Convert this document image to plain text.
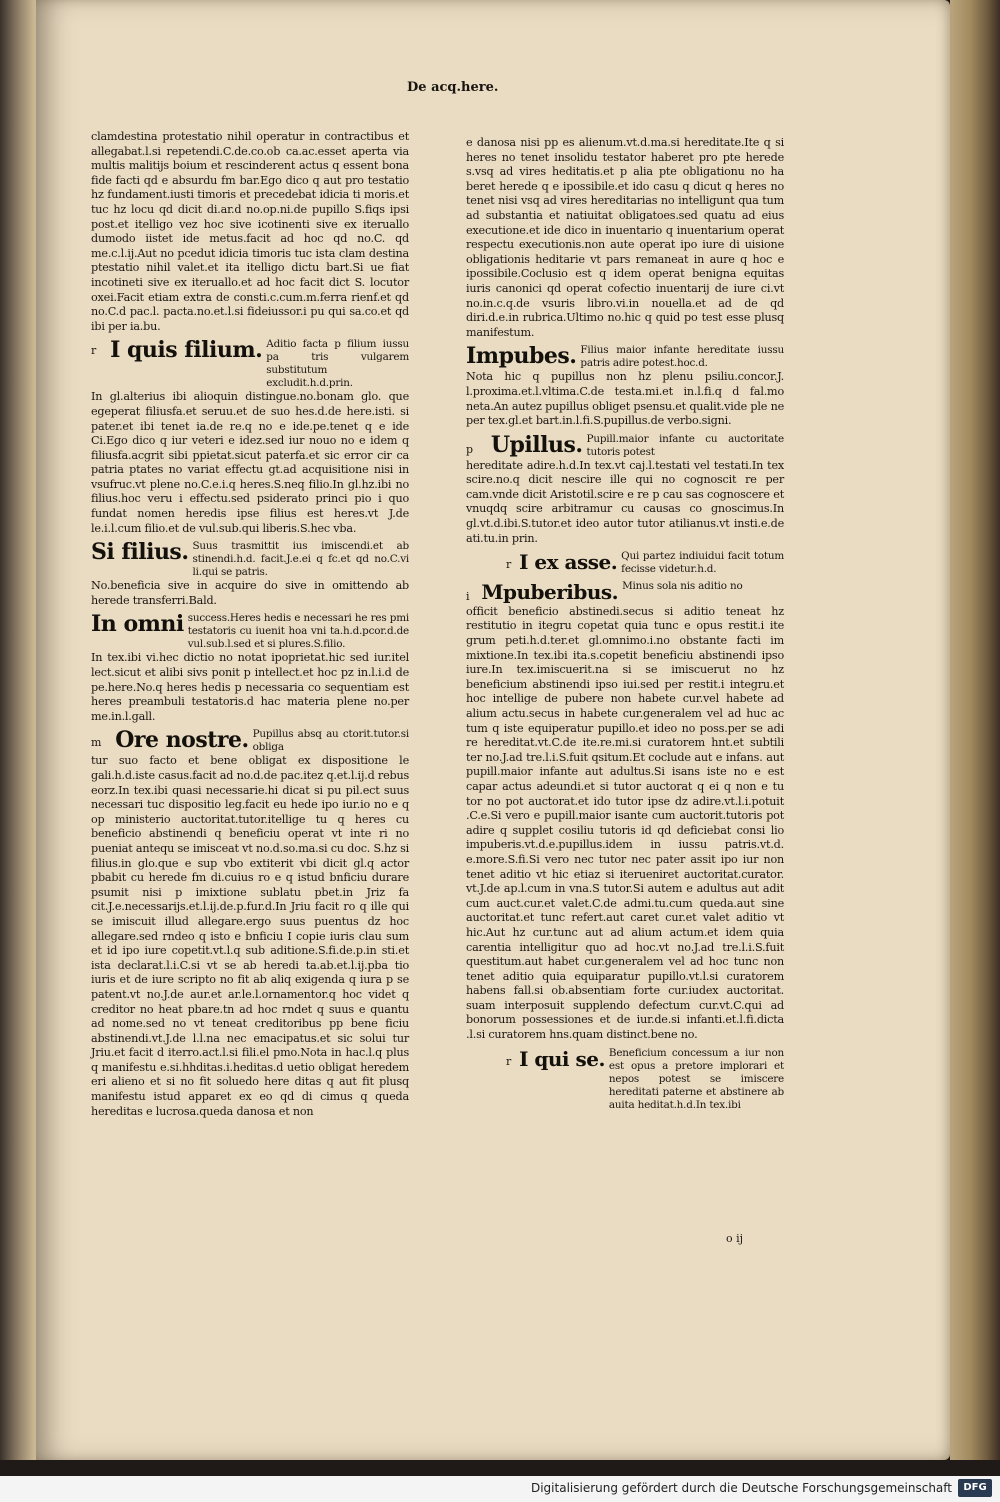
De acq.here.

clamdestina protestatio nihil operatur in contractibus et allegabat.l.si repetendi.C.de.co.ob ca.ac.esset aperta via multis malitijs boium et rescinderent actus q essent bona fide facti qd e absurdu fm bar.Ego dico q aut pro testatio hz fundament.iusti timoris et precedebat idicia ti moris.et tuc hz locu qd dicit di.ar.d no.op.ni.de pupillo S.fiqs ipsi post.et itelligo vez hoc sive icotinenti sive ex iteruallo dumodo iistet ide metus.facit ad hoc qd no.C. qd me.c.l.ij.Aut no pcedut idicia timoris tuc ista clam destina ptestatio nihil valet.et ita itelligo dictu bart.Si ue fiat incotineti sive ex iteruallo.et ad hoc facit dict S. locutor oxei.Facit etiam extra de consti.c.cum.m.ferra rienf.et qd no.C.d pac.l. pacta.no.et.l.si fideiussor.i pu qui sa.co.et qd ibi per ia.bu.

r I quis filium. Aditio facta p filium iussu pa tris vulgarem substitutum excludit.h.d.prin.

In gl.alterius ibi alioquin distingue.no.bonam glo. que egeperat filiusfa.et seruu.et de suo hes.d.de here.isti. si pater.et ibi tenet ia.de re.q no e ide.pe.tenet q e ide Ci.Ego dico q iur veteri e idez.sed iur nouo no e idem q filiusfa.acgrit sibi ppietat.sicut paterfa.et sic error cir ca patria ptates no variat effectu gt.ad acquisitione nisi in vsufruc.vt plene no.C.e.i.q heres.S.neq filio.In gl.hz.ibi no filius.hoc veru i effectu.sed psiderato princi pio i quo fundat nomen heredis ipse filius est heres.vt J.de le.i.l.cum filio.et de vul.sub.qui liberis.S.hec vba.

Si filius. Suus trasmittit ius imiscendi.et ab stinendi.h.d. facit.J.e.ei q fc.et qd no.C.vi li.qui se patris.

No.beneficia sive in acquire do sive in omittendo ab herede transferri.Bald.

In omni success.Heres hedis e necessari he res pmi testatoris cu iuenit hoa vni ta.h.d.pcor.d.de vul.sub.l.sed et si plures.S.filio.

In tex.ibi vi.hec dictio no notat ipoprietat.hic sed iur.itel lect.sicut et alibi sivs ponit p intellect.et hoc pz in.l.i.d de pe.here.No.q heres hedis p necessaria co sequentiam est heres preambuli testatoris.d hac materia plene no.per me.in.l.gall.

m Ore nostre. Pupillus absq au ctorit.tutor.si obliga

tur suo facto et bene obligat ex dispositione le gali.h.d.iste casus.facit ad no.d.de pac.itez q.et.l.ij.d rebus eorz.In tex.ibi quasi necessarie.hi dicat si pu pil.ect suus necessari tuc dispositio leg.facit eu hede ipo iur.io no e q op ministerio auctoritat.tutor.itellige tu q heres cu beneficio abstinendi q beneficiu operat vt inte ri no pueniat antequ se imisceat vt no.d.so.ma.si cu doc. S.hz si filius.in glo.que e sup vbo extiterit vbi dicit gl.q actor pbabit cu herede fm di.cuius ro e q istud bnficiu durare psumit nisi p imixtione sublatu pbet.in Jriz fa cit.J.e.necessarijs.et.l.ij.de.p.fur.d.In Jriu facit ro q ille qui se imiscuit illud allegare.ergo suus puentus dz hoc allegare.sed rndeo q isto e bnficiu I copie iuris clau sum et id ipo iure copetit.vt.l.q sub aditione.S.fi.de.p.in sti.et ista declarat.l.i.C.si vt se ab heredi ta.ab.et.l.ij.pba tio iuris et de iure scripto no fit ab aliq exigenda q iura p se patent.vt no.J.de aur.et ar.le.l.ornamentor.q hoc videt q creditor no heat pbare.tn ad hoc rndet q suus e quantu ad nome.sed no vt teneat creditoribus pp bene ficiu abstinendi.vt.J.de l.l.na nec emacipatus.et sic solui tur Jriu.et facit d iterro.act.l.si fili.el pmo.Nota in hac.l.q plus q manifestu e.si.hhditas.i.heditas.d uetio obligat heredem eri alieno et si no fit soluedo here ditas q aut fit plusq manifestu istud apparet ex eo qd di cimus q queda hereditas e lucrosa.queda danosa et non

e danosa nisi pp es alienum.vt.d.ma.si hereditate.Ite q si heres no tenet insolidu testator haberet pro pte herede s.vsq ad vires heditatis.et p alia pte obligationu no ha beret herede q e ipossibile.et ido casu q dicut q heres no tenet nisi vsq ad vires hereditarias no intelligunt qua tum ad substantia et natiuitat obligatoes.sed quatu ad eius executione.et ide dico in inuentario q inuentarium operat respectu executionis.non aute operat ipo iure di uisione obligationis heditarie vt pars remaneat in aure q hoc e ipossibile.Coclusio est q idem operat benigna equitas iuris canonici qd operat cofectio inuentarij de iure ci.vt no.in.c.q.de vsuris libro.vi.in nouella.et ad de qd diri.d.e.in rubrica.Ultimo no.hic q quid po test esse plusq manifestum.

Impubes. Filius maior infante hereditate iussu patris adire potest.hoc.d.

Nota hic q pupillus non hz plenu psiliu.concor.J. l.proxima.et.l.vltima.C.de testa.mi.et in.l.fi.q d fal.mo neta.An autez pupillus obliget psensu.et qualit.vide ple ne per tex.gl.et bart.in.l.fi.S.pupillus.de verbo.signi.

p Upillus. Pupill.maior infante cu auctoritate tutoris potest

hereditate adire.h.d.In tex.vt caj.l.testati vel testati.In tex scire.no.q dicit nescire ille qui no cognoscit re per cam.vnde dicit Aristotil.scire e re p cau sas cognoscere et vnuqdq scire arbitramur cu causas co gnoscimus.In gl.vt.d.ibi.S.tutor.et ideo autor tutor atilianus.vt insti.e.de ati.tu.in prin.

r I ex asse. Qui partez indiuidui facit totum fecisse videtur.h.d.
i Mpuberibus. Minus sola nis aditio no

officit beneficio abstinedi.secus si aditio teneat hz restitutio in itegru copetat quia tunc e opus restit.i ite grum peti.h.d.ter.et gl.omnimo.i.no obstante facti im mixtione.In tex.ibi ita.s.copetit beneficiu abstinendi ipso iure.In tex.imiscuerit.na si se imiscuerut no hz beneficium abstinendi ipso iui.sed per restit.i integru.et hoc intellige de pubere non habete cur.vel habete ad alium actu.secus in habete cur.generalem vel ad huc ac tum q iste equiperatur pupillo.et ideo no poss.per se adi re hereditat.vt.C.de ite.re.mi.si curatorem hnt.et subtili ter no.J.ad tre.l.i.S.fuit qsitum.Et coclude aut e infans. aut pupill.maior infante aut adultus.Si isans iste no e est capar actus adeundi.et si tutor auctorat q ei q non e tu tor no pot auctorat.et ido tutor ipse dz adire.vt.l.i.potuit .C.e.Si vero e pupill.maior isante cum auctorit.tutoris pot adire q supplet cosiliu tutoris id qd deficiebat consi lio impuberis.vt.d.e.pupillus.idem in iussu patris.vt.d. e.more.S.fi.Si vero nec tutor nec pater assit ipo iur non tenet aditio vt hic etiaz si iterueniret auctoritat.curator. vt.J.de ap.l.cum in vna.S tutor.Si autem e adultus aut adit cum auct.cur.et valet.C.de admi.tu.cum queda.aut sine auctoritat.et tunc refert.aut caret cur.et valet aditio vt hic.Aut hz cur.tunc aut ad alium actum.et idem quia carentia intelligitur quo ad hoc.vt no.J.ad tre.l.i.S.fuit questitum.aut habet cur.generalem vel ad hoc tunc non tenet aditio quia equiparatur pupillo.vt.l.si curatorem habens fall.si ob.absentiam forte cur.iudex auctoritat. suam interposuit supplendo defectum cur.vt.C.qui ad bonorum possessiones et de iur.de.si infanti.et.l.fi.dicta .l.si curatorem hns.quam distinct.bene no.

r I qui se. Beneficium concessum a iur non est opus a pretore implorari et nepos potest se imiscere hereditati paterne et abstinere ab auita heditat.h.d.In tex.ibi
o ij
Digitalisierung gefördert durch die Deutsche Forschungsgemeinschaft	DFG
